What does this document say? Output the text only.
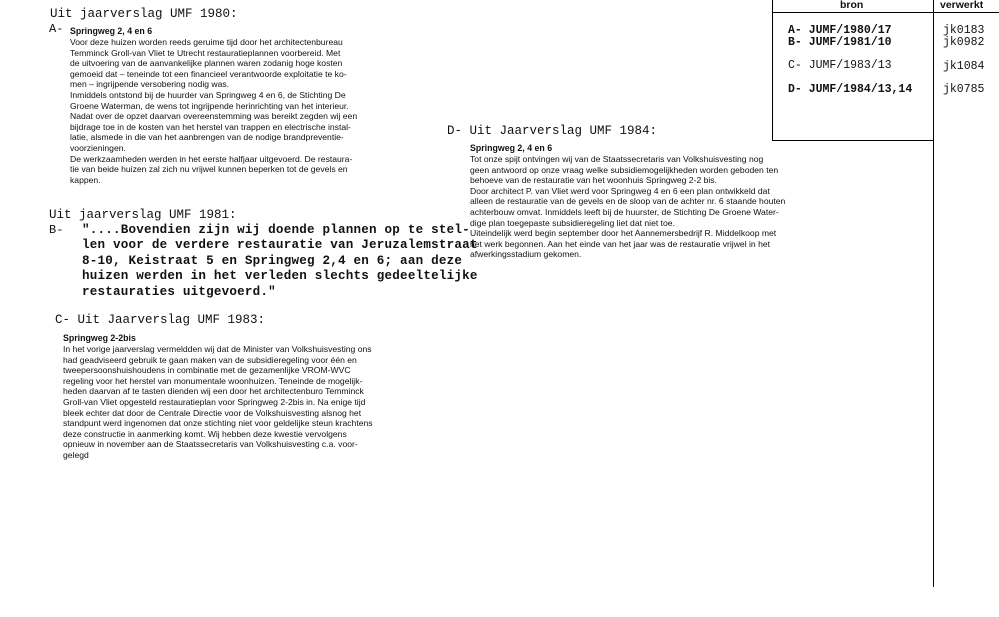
bron	verwerkt
A- JUMF/1980/17
B- JUMF/1981/10
C- JUMF/1983/13
D- JUMF/1984/13,14
jk0183
jk0982
jk1084
jk0785
Uit jaarverslag UMF 1980:
A- Springweg 2, 4 en 6
Voor deze huizen worden reeds geruime tijd door het architectenbureau
Temminck Groll-van Vliet te Utrecht restauratieplannen voorbereid. Met
de uitvoering van de aanvankelijke plannen waren zodanig hoge kosten
gemoeid dat – teneinde tot een financieel verantwoorde exploitatie te ko-
men – ingrijpende versobering nodig was.
Inmiddels ontstond bij de huurder van Springweg 4 en 6, de Stichting De
Groene Waterman, de wens tot ingrijpende herinrichting van het interieur.
Nadat over de opzet daarvan overeenstemming was bereikt zegden wij een
bijdrage toe in de kosten van het herstel van trappen en electrische instal-
latie, alsmede in die van het aanbrengen van de nodige brandpreventie-
voorzieningen.
De werkzaamheden werden in het eerste halfjaar uitgevoerd. De restaura-
tie van beide huizen zal zich nu vrijwel kunnen beperken tot de gevels en
kappen.
Uit jaarverslag UMF 1981:
B- "....Bovendien zijn wij doende plannen op te stel-
len voor de verdere restauratie van Jeruzalemstraat
8-10, Keistraat 5 en Springweg 2,4 en 6; aan deze
huizen werden in het verleden slechts gedeeltelijke
restauraties uitgevoerd."
C- Uit Jaarverslag UMF 1983:
Springweg 2-2bis
In het vorige jaarverslag vermeldden wij dat de Minister van Volkshuisvesting ons
had geadviseerd gebruik te gaan maken van de subsidieregeling voor één en
tweepersoonshuishoudens in combinatie met de gezamenlijke VROM-WVC
regeling voor het herstel van monumentale woonhuizen. Teneinde de mogelijk-
heden daarvan af te tasten dienden wij een door het architectenburo Temminck
Groll-van Vliet opgesteld restauratieplan voor Springweg 2-2bis in. Na enige tijd
bleek echter dat door de Centrale Directie voor de Volkshuisvesting alsnog het
standpunt werd ingenomen dat onze stichting niet voor geldelijke steun krachtens
deze constructie in aanmerking komt. Wij hebben deze kwestie vervolgens
opnieuw in november aan de Staatssecretaris van Volkshuisvesting c.a. voor-
gelegd
D- Uit Jaarverslag UMF 1984:
Springweg 2, 4 en 6
Tot onze spijt ontvingen wij van de Staatssecretaris van Volkshuisvesting nog
geen antwoord op onze vraag welke subsidiemogelijkheden worden geboden ten
behoeve van de restauratie van het woonhuis Springweg 2-2 bis.
Door architect P. van Vliet werd voor Springweg 4 en 6 een plan ontwikkeld dat
alleen de restauratie van de gevels en de sloop van de achter nr. 6 staande houten
achterbouw omvat. Inmiddels leeft bij de huurster, de Stichting De Groene Water-
dige plan toegepaste subsidieregeling liet dat niet toe.
Uiteindelijk werd begin september door het Aannemersbedrijf R. Middelkoop met
het werk begonnen. Aan het einde van het jaar was de restauratie vrijwel in het
afwerkingsstadium gekomen.
